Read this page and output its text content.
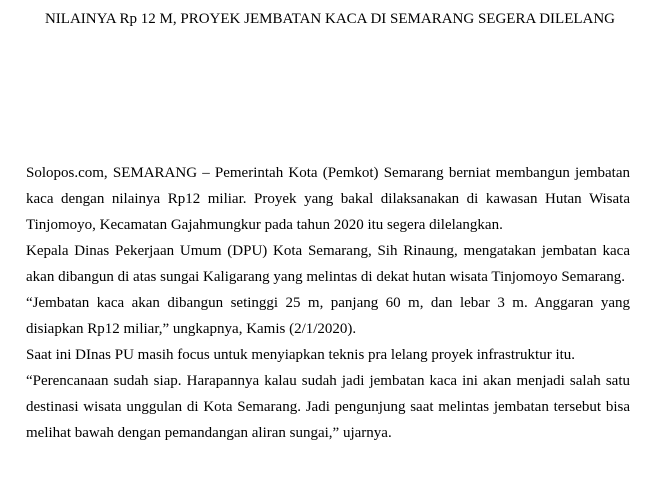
NILAINYA Rp 12 M, PROYEK JEMBATAN KACA DI SEMARANG SEGERA DILELANG

Solopos.com, SEMARANG – Pemerintah Kota (Pemkot) Semarang berniat membangun jembatan kaca dengan nilainya Rp12 miliar. Proyek yang bakal dilaksanakan di kawasan Hutan Wisata Tinjomoyo, Kecamatan Gajahmungkur pada tahun 2020 itu segera dilelangkan.

Kepala Dinas Pekerjaan Umum (DPU) Kota Semarang, Sih Rinaung, mengatakan jembatan kaca akan dibangun di atas sungai Kaligarang yang melintas di dekat hutan wisata Tinjomoyo Semarang.

“Jembatan kaca akan dibangun setinggi 25 m, panjang 60 m, dan lebar 3 m. Anggaran yang disiapkan Rp12 miliar,” ungkapnya, Kamis (2/1/2020).

Saat ini DInas PU masih focus untuk menyiapkan teknis pra lelang proyek infrastruktur itu.

“Perencanaan sudah siap. Harapannya kalau sudah jadi jembatan kaca ini akan menjadi salah satu destinasi wisata unggulan di Kota Semarang. Jadi pengunjung saat melintas jembatan tersebut bisa melihat bawah dengan pemandangan aliran sungai,” ujarnya.
